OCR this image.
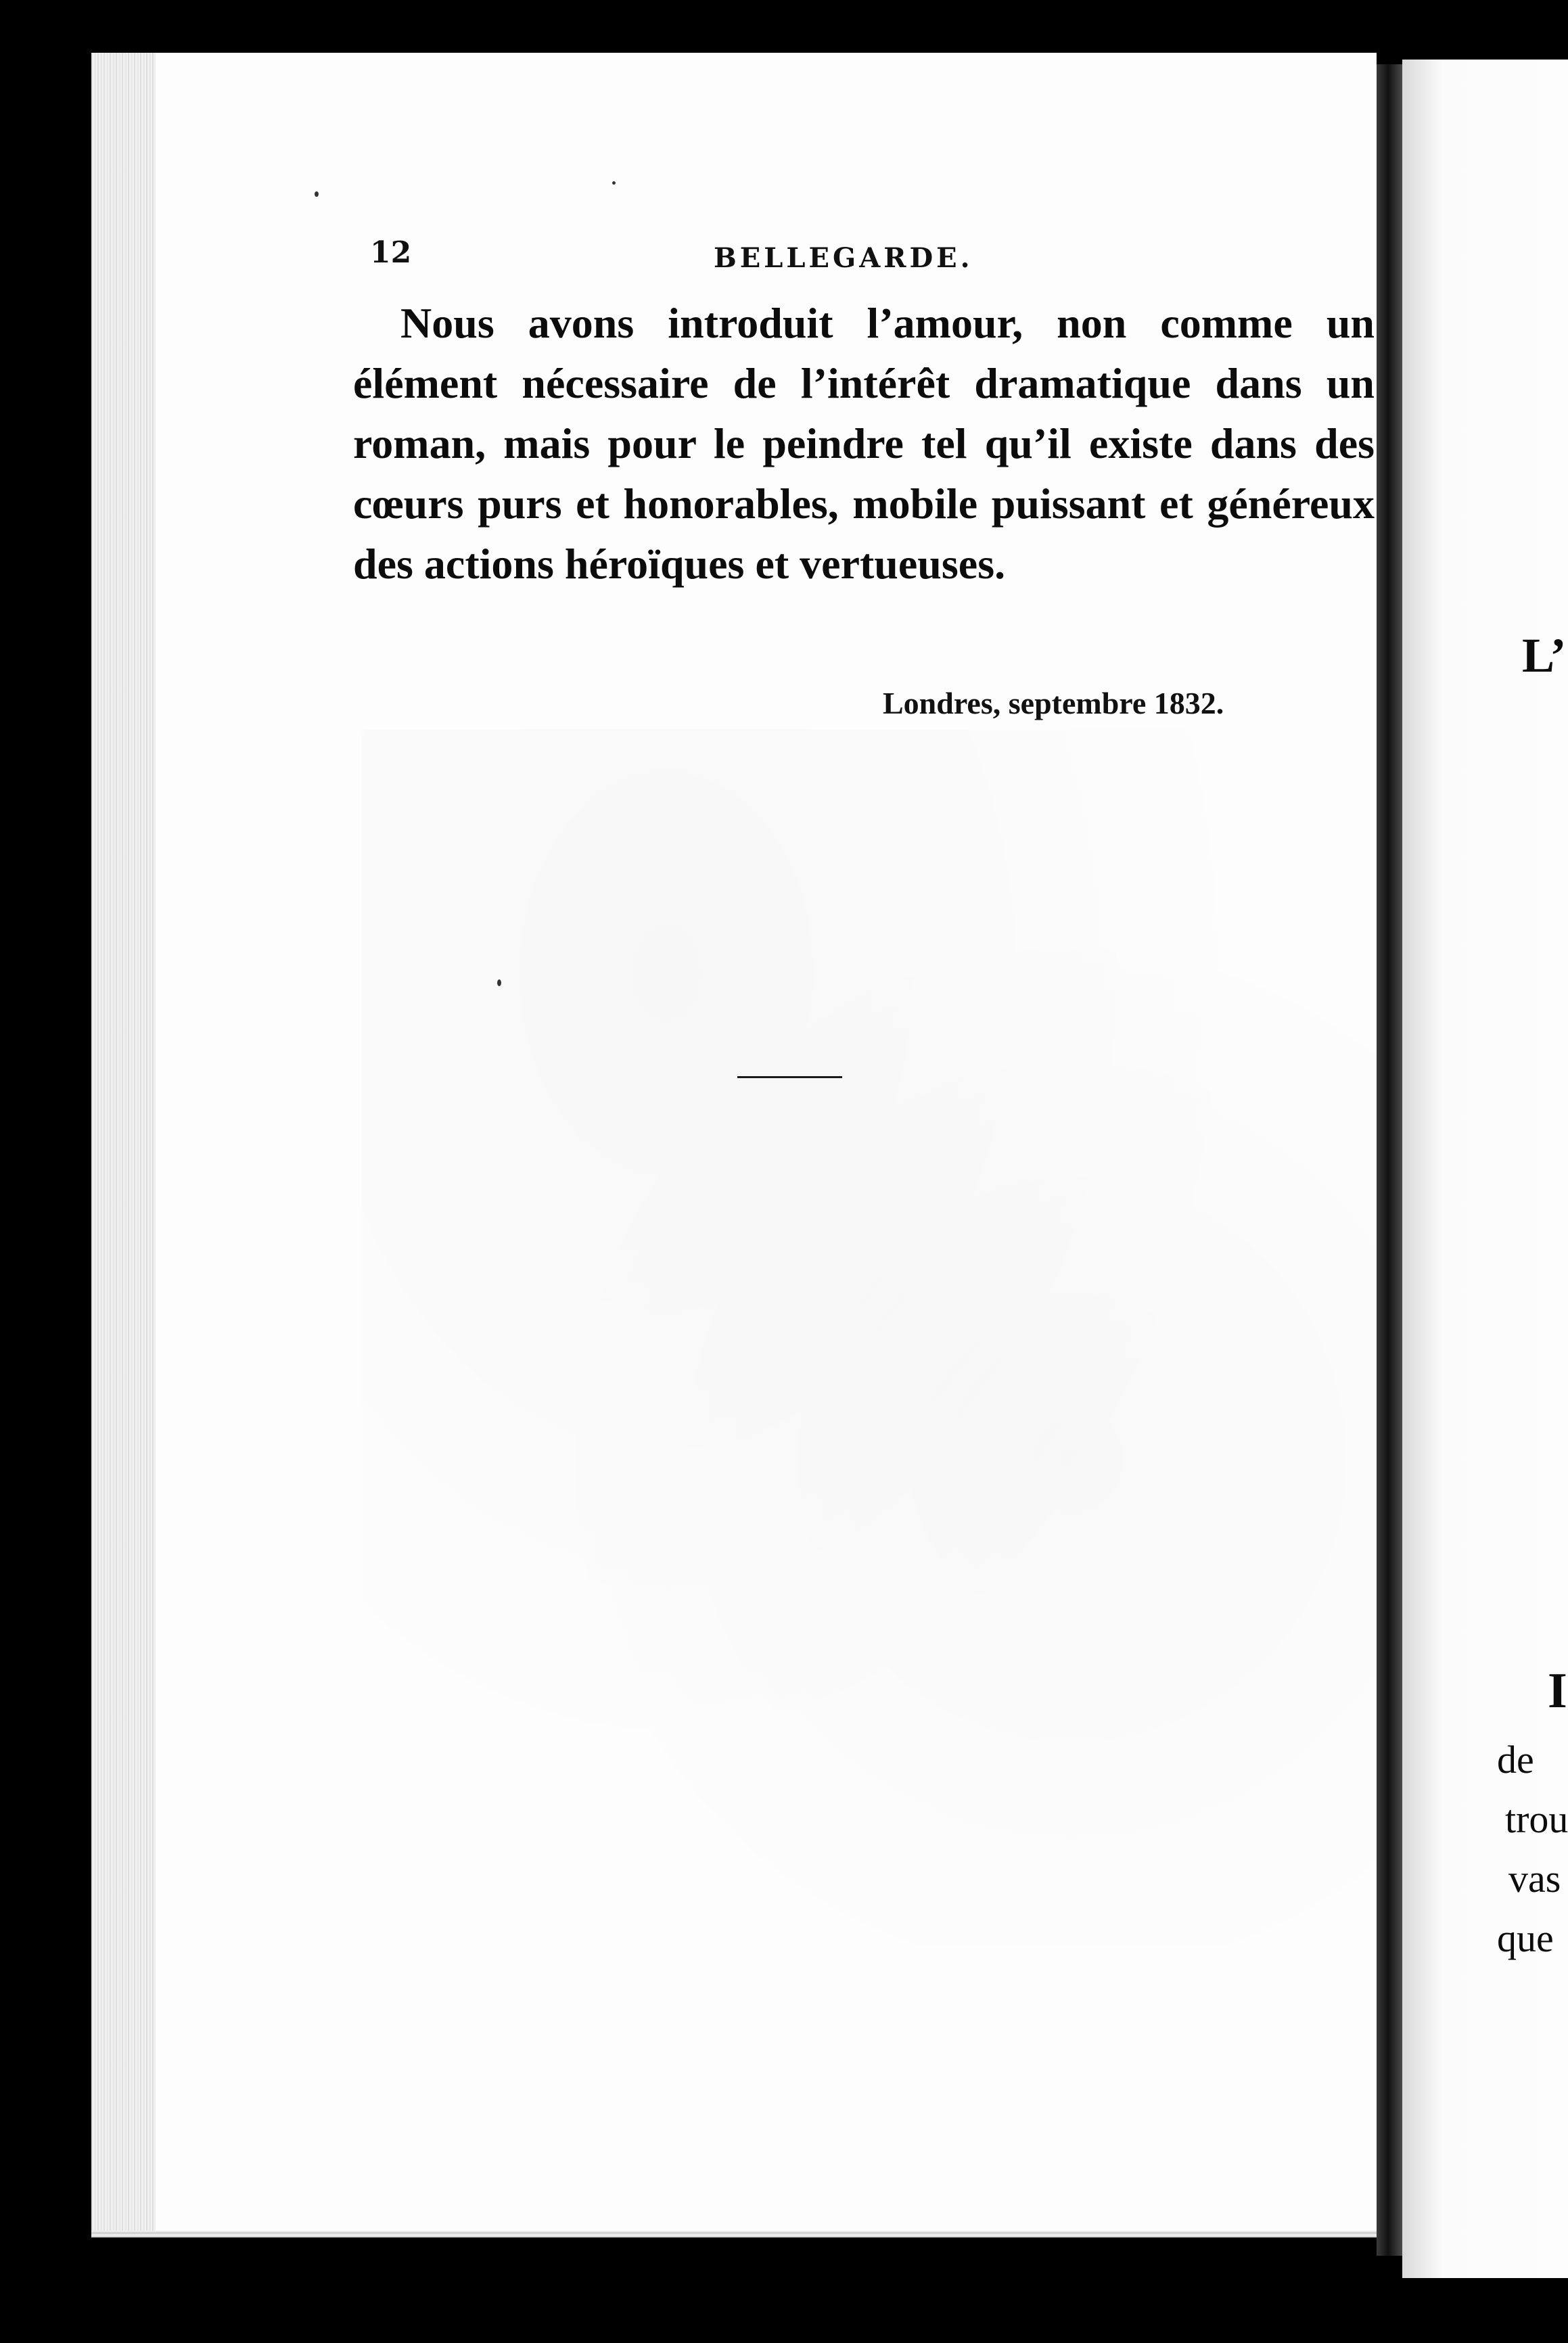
12	BELLEGARDE.

Nous avons introduit l’amour, non comme un élément nécessaire de l’intérêt dramatique dans un roman, mais pour le peindre tel qu’il existe dans des cœurs purs et honorables, mobile puissant et généreux des actions héroïques et vertueuses.

Londres, septembre 1832.
L’
I
de
trou
vas
que
